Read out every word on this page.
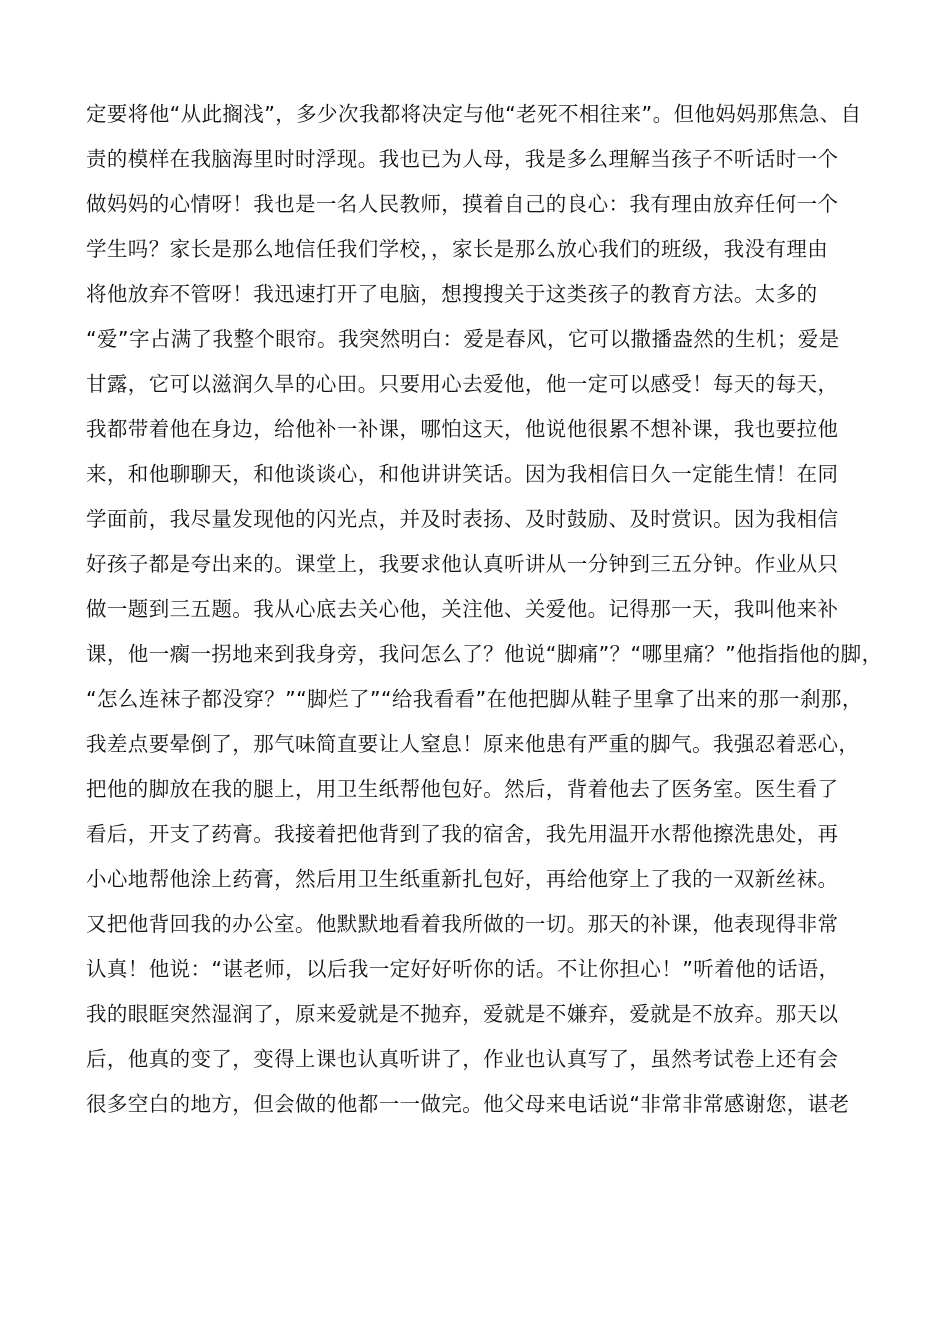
定要将他“从此搁浅”，多少次我都将决定与他“老死不相往来”。但他妈妈那焦急、自
责的模样在我脑海里时时浮现。我也已为人母，我是多么理解当孩子不听话时一个
做妈妈的心情呀！我也是一名人民教师，摸着自己的良心：我有理由放弃任何一个
学生吗？家长是那么地信任我们学校，，家长是那么放心我们的班级，我没有理由
将他放弃不管呀！我迅速打开了电脑，想搜搜关于这类孩子的教育方法。太多的
“爱”字占满了我整个眼帘。我突然明白：爱是春风，它可以撒播盎然的生机；爱是
甘露，它可以滋润久旱的心田。只要用心去爱他，他一定可以感受！每天的每天，
我都带着他在身边，给他补一补课，哪怕这天，他说他很累不想补课，我也要拉他
来，和他聊聊天，和他谈谈心，和他讲讲笑话。因为我相信日久一定能生情！在同
学面前，我尽量发现他的闪光点，并及时表扬、及时鼓励、及时赏识。因为我相信
好孩子都是夸出来的。课堂上，我要求他认真听讲从一分钟到三五分钟。作业从只
做一题到三五题。我从心底去关心他，关注他、关爱他。记得那一天，我叫他来补
课，他一瘸一拐地来到我身旁，我问怎么了？他说“脚痛”？“哪里痛？”他指指他的脚，
“怎么连袜子都没穿？”“脚烂了”“给我看看”在他把脚从鞋子里拿了出来的那一刹那，
我差点要晕倒了，那气味简直要让人窒息！原来他患有严重的脚气。我强忍着恶心，
把他的脚放在我的腿上，用卫生纸帮他包好。然后，背着他去了医务室。医生看了
看后，开支了药膏。我接着把他背到了我的宿舍，我先用温开水帮他擦洗患处，再
小心地帮他涂上药膏，然后用卫生纸重新扎包好，再给他穿上了我的一双新丝袜。
又把他背回我的办公室。他默默地看着我所做的一切。那天的补课，他表现得非常
认真！他说：“谌老师，以后我一定好好听你的话。不让你担心！”听着他的话语，
我的眼眶突然湿润了，原来爱就是不抛弃，爱就是不嫌弃，爱就是不放弃。那天以
后，他真的变了，变得上课也认真听讲了，作业也认真写了，虽然考试卷上还有会
很多空白的地方，但会做的他都一一做完。他父母来电话说“非常非常感谢您，谌老
